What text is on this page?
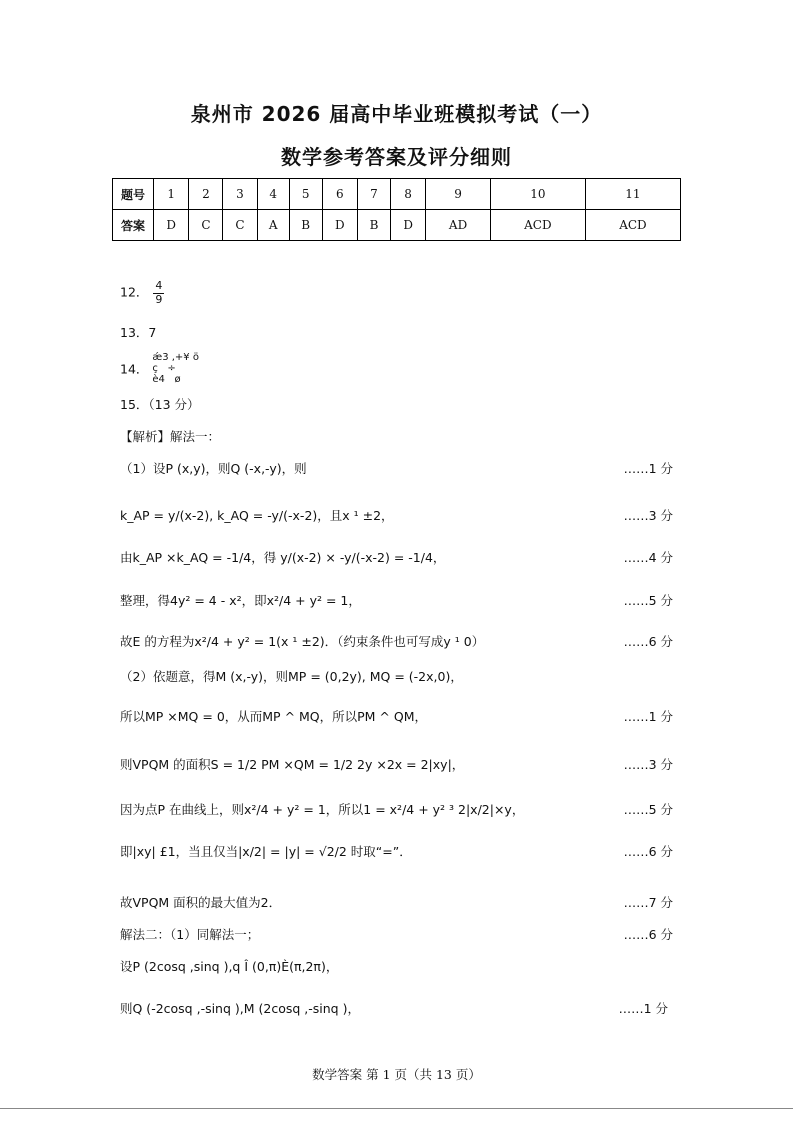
泉州市 2026 届高中毕业班模拟考试（一）
数学参考答案及评分细则
题号	1	2	3	4	5	6	7	8	9	10	11
答案	D	C	C	A	B	D	B	D	AD	ACD	ACD
12． $\frac{4}{9}$
13．7
14．
ǽ3 ,+¥ ö
ç   ÷
è4   ø
15．（13 分）
【解析】解法一：
（1）设P (x,y)，则Q (-x,-y)，则	……1 分
k_AP = y/(x-2), k_AQ = -y/(-x-2)，且x ¹ ±2，	……3 分
由k_AP ×k_AQ = -1/4，得 y/(x-2) × -y/(-x-2) = -1/4，	……4 分
整理，得4y² = 4 - x²，即x²/4 + y² = 1，	……5 分
故E 的方程为x²/4 + y² = 1(x ¹ ±2)．（约束条件也可写成y ¹ 0）	……6 分
（2）依题意，得M (x,-y)，则MP = (0,2y), MQ = (-2x,0)，
所以MP ×MQ = 0，从而MP ^ MQ，所以PM ^ QM，	……1 分
则VPQM 的面积S = 1/2 PM ×QM = 1/2 2y ×2x = 2|xy|，	……3 分
因为点P 在曲线上，则x²/4 + y² = 1，所以1 = x²/4 + y² ³ 2|x/2|×y，	……5 分
即|xy| £1，当且仅当|x/2| = |y| = √2/2 时取“=”．	……6 分
故VPQM 面积的最大值为2．	……7 分
解法二：（1）同解法一；	……6 分
设P (2cosq ,sinq ),q Î (0,π)È(π,2π)，
则Q (-2cosq ,-sinq ),M (2cosq ,-sinq )，	……1 分
数学答案 第 1 页（共 13 页）
